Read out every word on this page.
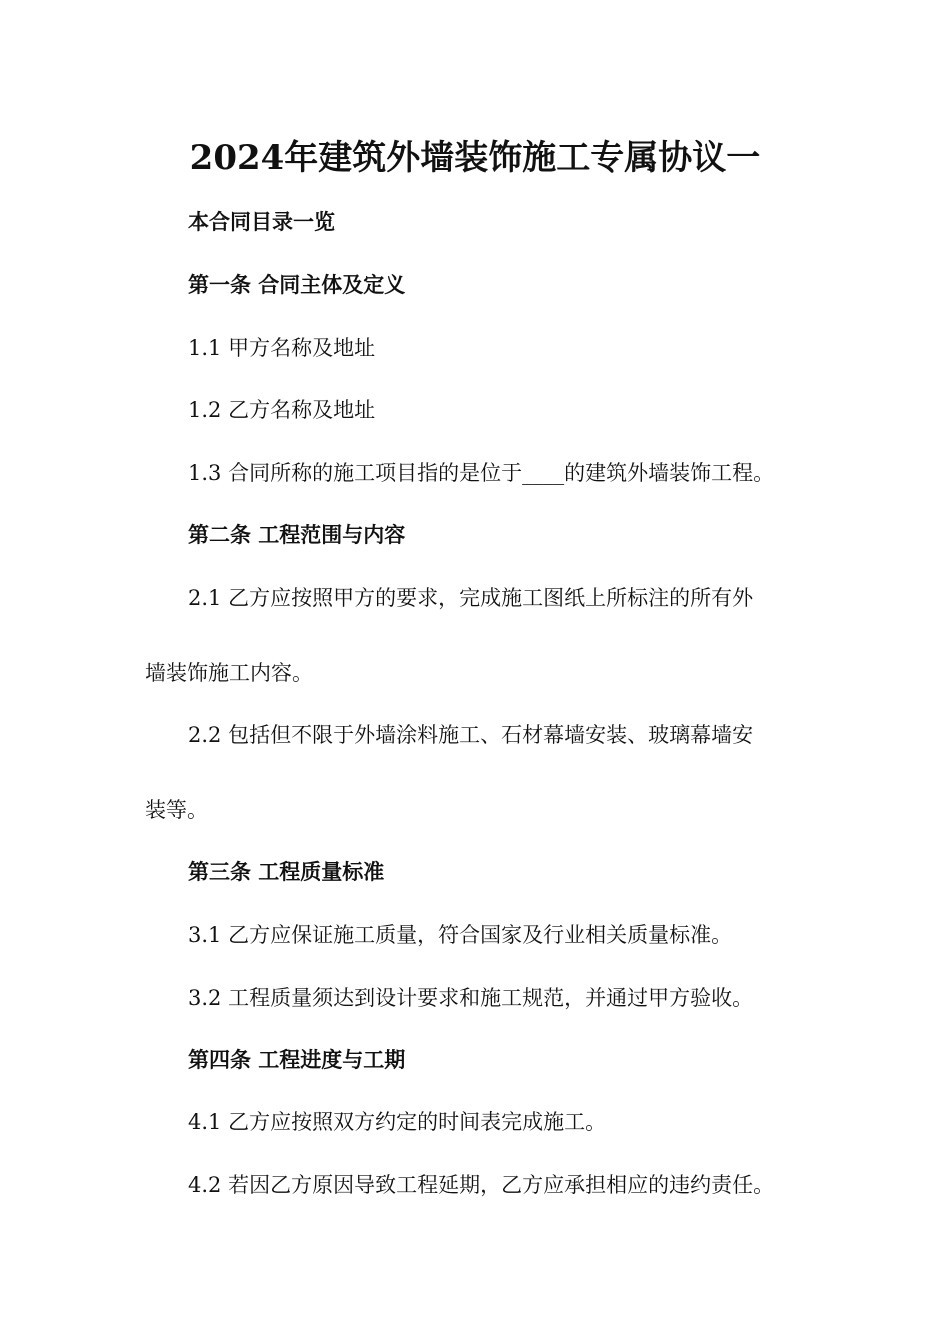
2024年建筑外墙装饰施工专属协议一

本合同目录一览

第一条 合同主体及定义

1.1 甲方名称及地址

1.2 乙方名称及地址

1.3 合同所称的施工项目指的是位于____的建筑外墙装饰工程。

第二条 工程范围与内容

2.1 乙方应按照甲方的要求，完成施工图纸上所标注的所有外

墙装饰施工内容。

2.2 包括但不限于外墙涂料施工、石材幕墙安装、玻璃幕墙安

装等。

第三条 工程质量标准

3.1 乙方应保证施工质量，符合国家及行业相关质量标准。

3.2 工程质量须达到设计要求和施工规范，并通过甲方验收。

第四条 工程进度与工期

4.1 乙方应按照双方约定的时间表完成施工。

4.2 若因乙方原因导致工程延期，乙方应承担相应的违约责任。
